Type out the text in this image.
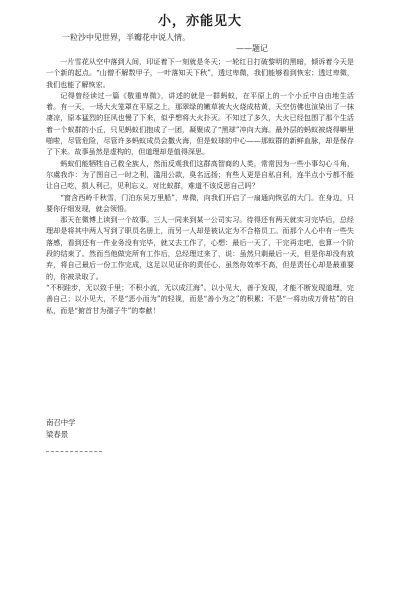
小，亦能见大
一粒沙中见世界，半瓣花中说人情。
——题记

一片雪花从空中落到人间，印证着下一刻就是冬天；一轮红日打破黎明的黑暗，倾诉着今天是一个新的起点。“山僧不解数甲子，一叶落知天下秋”，透过卑微，我们能够看到恢宏；透过卑微，我们也能了解恢宏。

记得曾经读过一篇《敬重卑微》，讲述的就是一群蚂蚁，在平原上的一个小丘中自由地生活着。有一天，一场大火笼罩在平原之上，那翠绿的嫩草被大火烧成枯黄，天空仿佛也渲染出了一抹凄凉，原本猛烈的狂风也慢了下来，似乎想将大火扑灭。不知过了多久，大火已经包围了那个生活着一个蚁群的小丘，只见蚂蚁们抱成了一团，凝聚成了“黑球”冲向大海。最外层的蚂蚁被烧得噼里啪啦，尽管危险，尽管许多蚂蚁成员会撒火海，但是蚁球的中心——那蚁群的新鲜血脉，却是保存了下来。故事虽然是虚构的，但道理却是值得深思。

蚂蚁们能牺牲自己救全族人，然而反观我们这群高智商的人类，常常因为一些小事勾心斗角，尔虞我诈：为了图自己一时之利，滥用公款，臭名远扬；有些人更是自私自利，连半点小亏都不能让自己吃，损人利己，见利忘义。对比蚁群，难道不该反思自己吗？

“窗含西岭千秋雪，门泊东吴万里船”，卑微，向我们开启了一扇通向恢弘的大门。在身边，只要你仔细发现，就会领悟。

那天在微博上读到一个故事。三人一同来到某一公司实习。待得还有两天就实习完毕后，总经理却是将其中两人写到了职员名册上，而另一人却是被认定为不合格员工。而那个人心中有一些失落感，看到还有一件业务没有完毕，就又去工作了，心想：最后一天了，干完再走吧，也算一个阶段的结束了。然而当他做完所有工作后，总经理过来了，说：虽然只剩最后一天，但是你却没有放弃，将自己最后一份工作完成，这足以见证你的责任心，虽然你效率不高，但是责任心却是最重要的，你被录取了。

“不积跬步，无以致千里；不积小流，无以成江海”。以小见大，善于发现，才能不断发现道理，完善自己；以小见大，不是“恶小而为”的轻视，而是“善小为之”的积累；不是“一将功成万骨枯”的自私，而是“俯首甘为孺子牛”的奉献！

南召中学
梁春景
